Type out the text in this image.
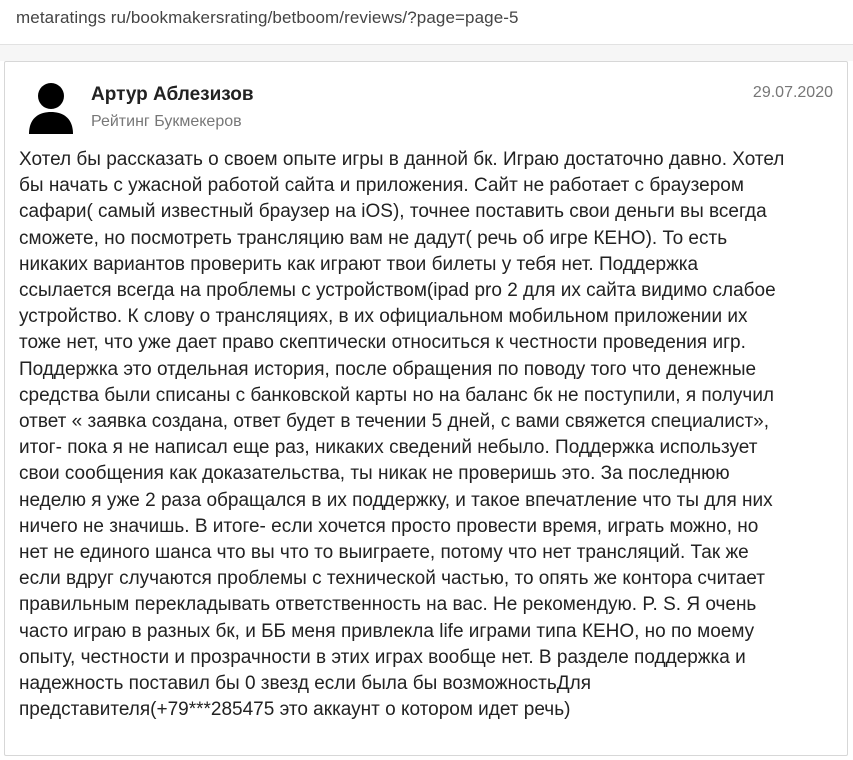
metaratings ru/bookmakersrating/betboom/reviews/?page=page-5
Артур Аблезизов
Рейтинг Букмекеров
29.07.2020
Хотел бы рассказать о своем опыте игры в данной бк. Играю достаточно давно. Хотел
бы начать с ужасной работой сайта и приложения. Сайт не работает с браузером
сафари( самый известный браузер на iOS), точнее поставить свои деньги вы всегда
сможете, но посмотреть трансляцию вам не дадут( речь об игре КЕНО). То есть
никаких вариантов проверить как играют твои билеты у тебя нет. Поддержка
ссылается всегда на проблемы с устройством(ipad pro 2 для их сайта видимо слабое
устройство. К слову о трансляциях, в их официальном мобильном приложении их
тоже нет, что уже дает право скептически относиться к честности проведения игр.
Поддержка это отдельная история, после обращения по поводу того что денежные
средства были списаны с банковской карты но на баланс бк не поступили, я получил
ответ « заявка создана, ответ будет в течении 5 дней, с вами свяжется специалист»,
итог- пока я не написал еще раз, никаких сведений небыло. Поддержка использует
свои сообщения как доказательства, ты никак не проверишь это. За последнюю
неделю я уже 2 раза обращался в их поддержку, и такое впечатление что ты для них
ничего не значишь. В итоге- если хочется просто провести время, играть можно, но
нет не единого шанса что вы что то выиграете, потому что нет трансляций. Так же
если вдруг случаются проблемы с технической частью, то опять же контора считает
правильным перекладывать ответственность на вас. Не рекомендую. P. S. Я очень
часто играю в разных бк, и ББ меня привлекла life играми типа КЕНО, но по моему
опыту, честности и прозрачности в этих играх вообще нет. В разделе поддержка и
надежность поставил бы 0 звезд если была бы возможностьДля
представителя(+79***285475 это аккаунт о котором идет речь)
